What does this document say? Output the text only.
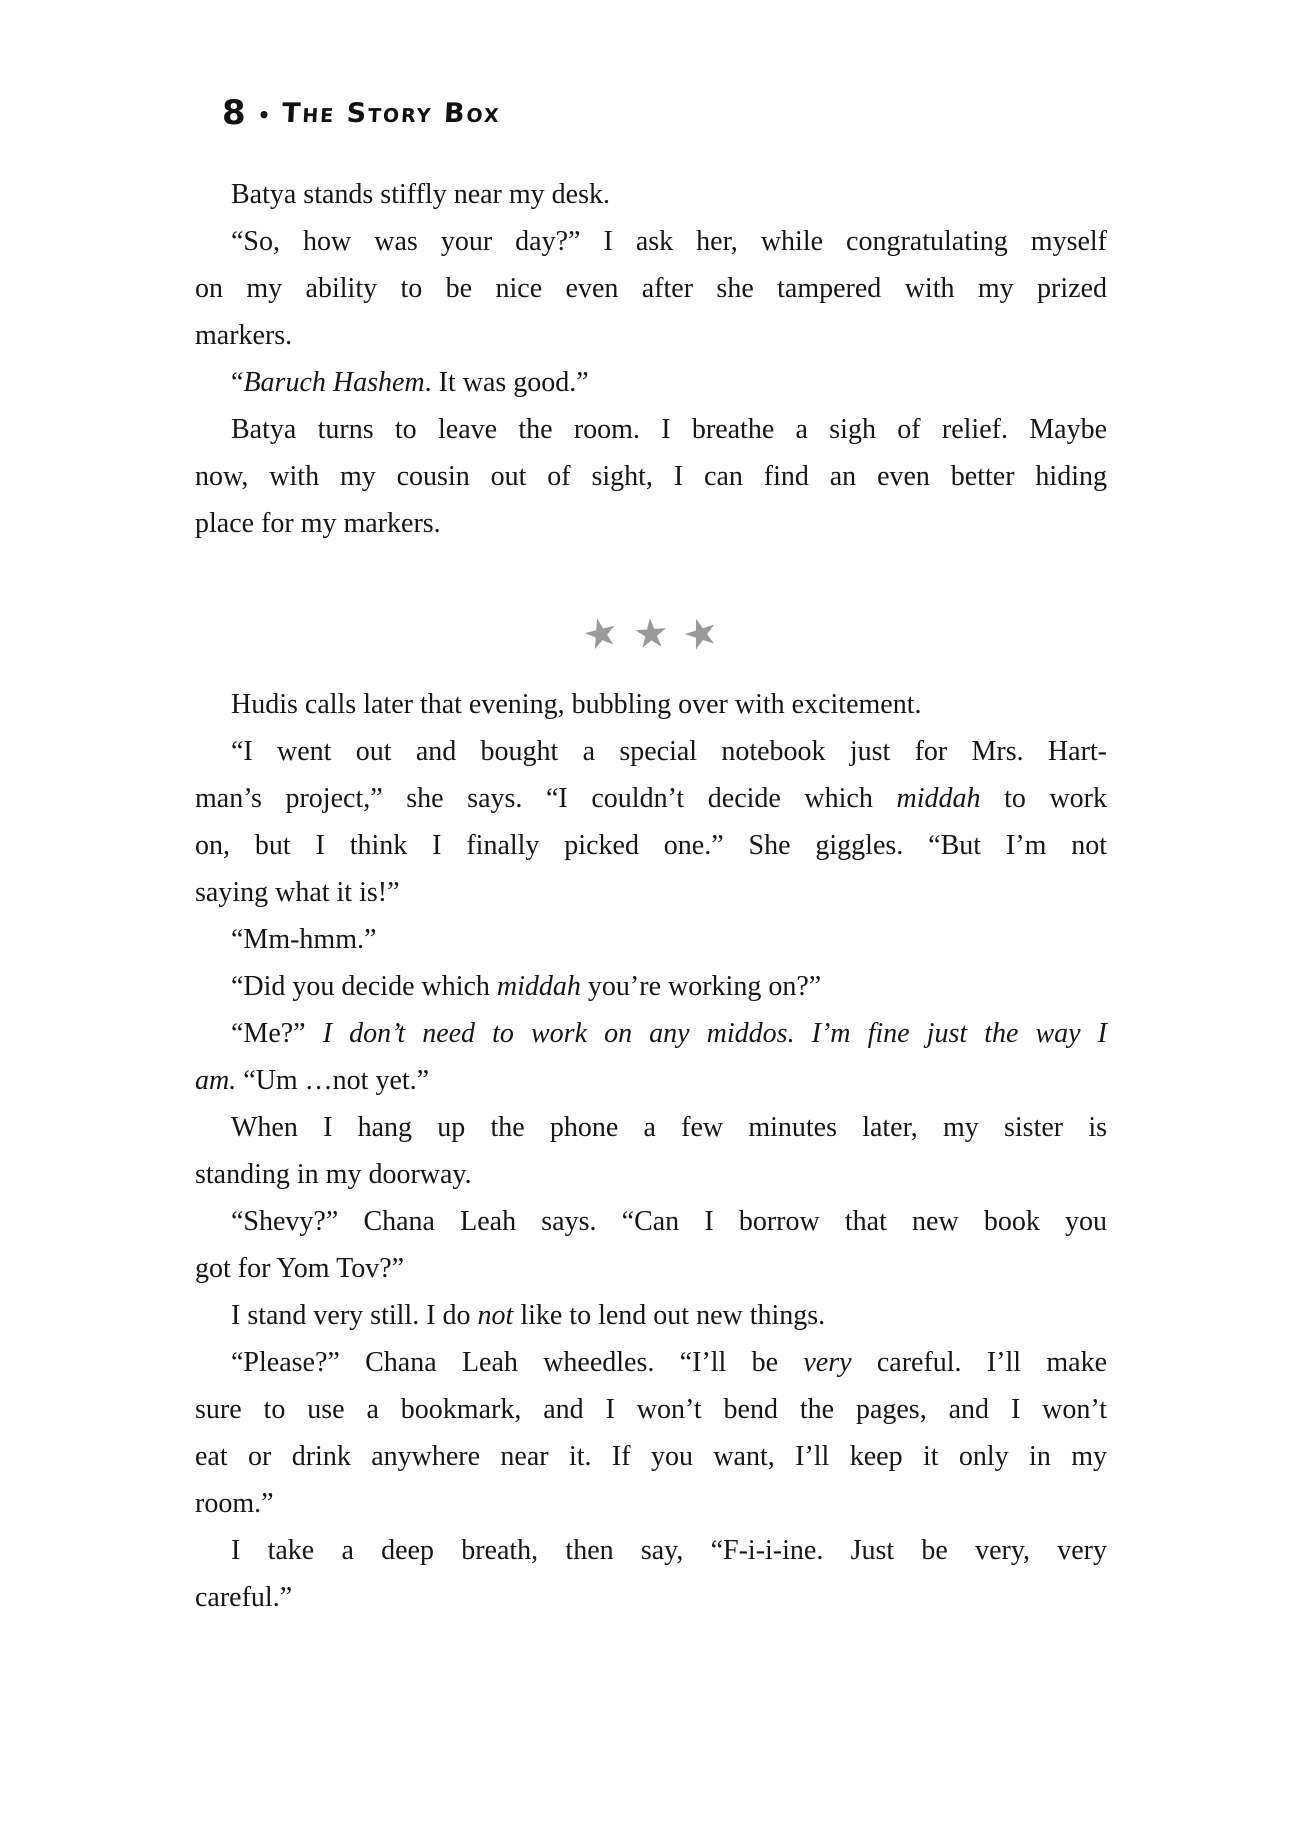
8 • The Story Box
Batya stands stiffly near my desk.
“So, how was your day?” I ask her, while congratulating myself
on my ability to be nice even after she tampered with my prized
markers.
“Baruch Hashem. It was good.”
Batya turns to leave the room. I breathe a sigh of relief. Maybe
now, with my cousin out of sight, I can find an even better hiding
place for my markers.
★ ★ ★
Hudis calls later that evening, bubbling over with excitement.
“I went out and bought a special notebook just for Mrs. Hart-
man’s project,” she says. “I couldn’t decide which middah to work
on, but I think I finally picked one.” She giggles. “But I’m not
saying what it is!”
“Mm-hmm.”
“Did you decide which middah you’re working on?”
“Me?” I don’t need to work on any middos. I’m fine just the way I
am. “Um …not yet.”
When I hang up the phone a few minutes later, my sister is
standing in my doorway.
“Shevy?” Chana Leah says. “Can I borrow that new book you
got for Yom Tov?”
I stand very still. I do not like to lend out new things.
“Please?” Chana Leah wheedles. “I’ll be very careful. I’ll make
sure to use a bookmark, and I won’t bend the pages, and I won’t
eat or drink anywhere near it. If you want, I’ll keep it only in my
room.”
I take a deep breath, then say, “F-i-i-ine. Just be very, very
careful.”
